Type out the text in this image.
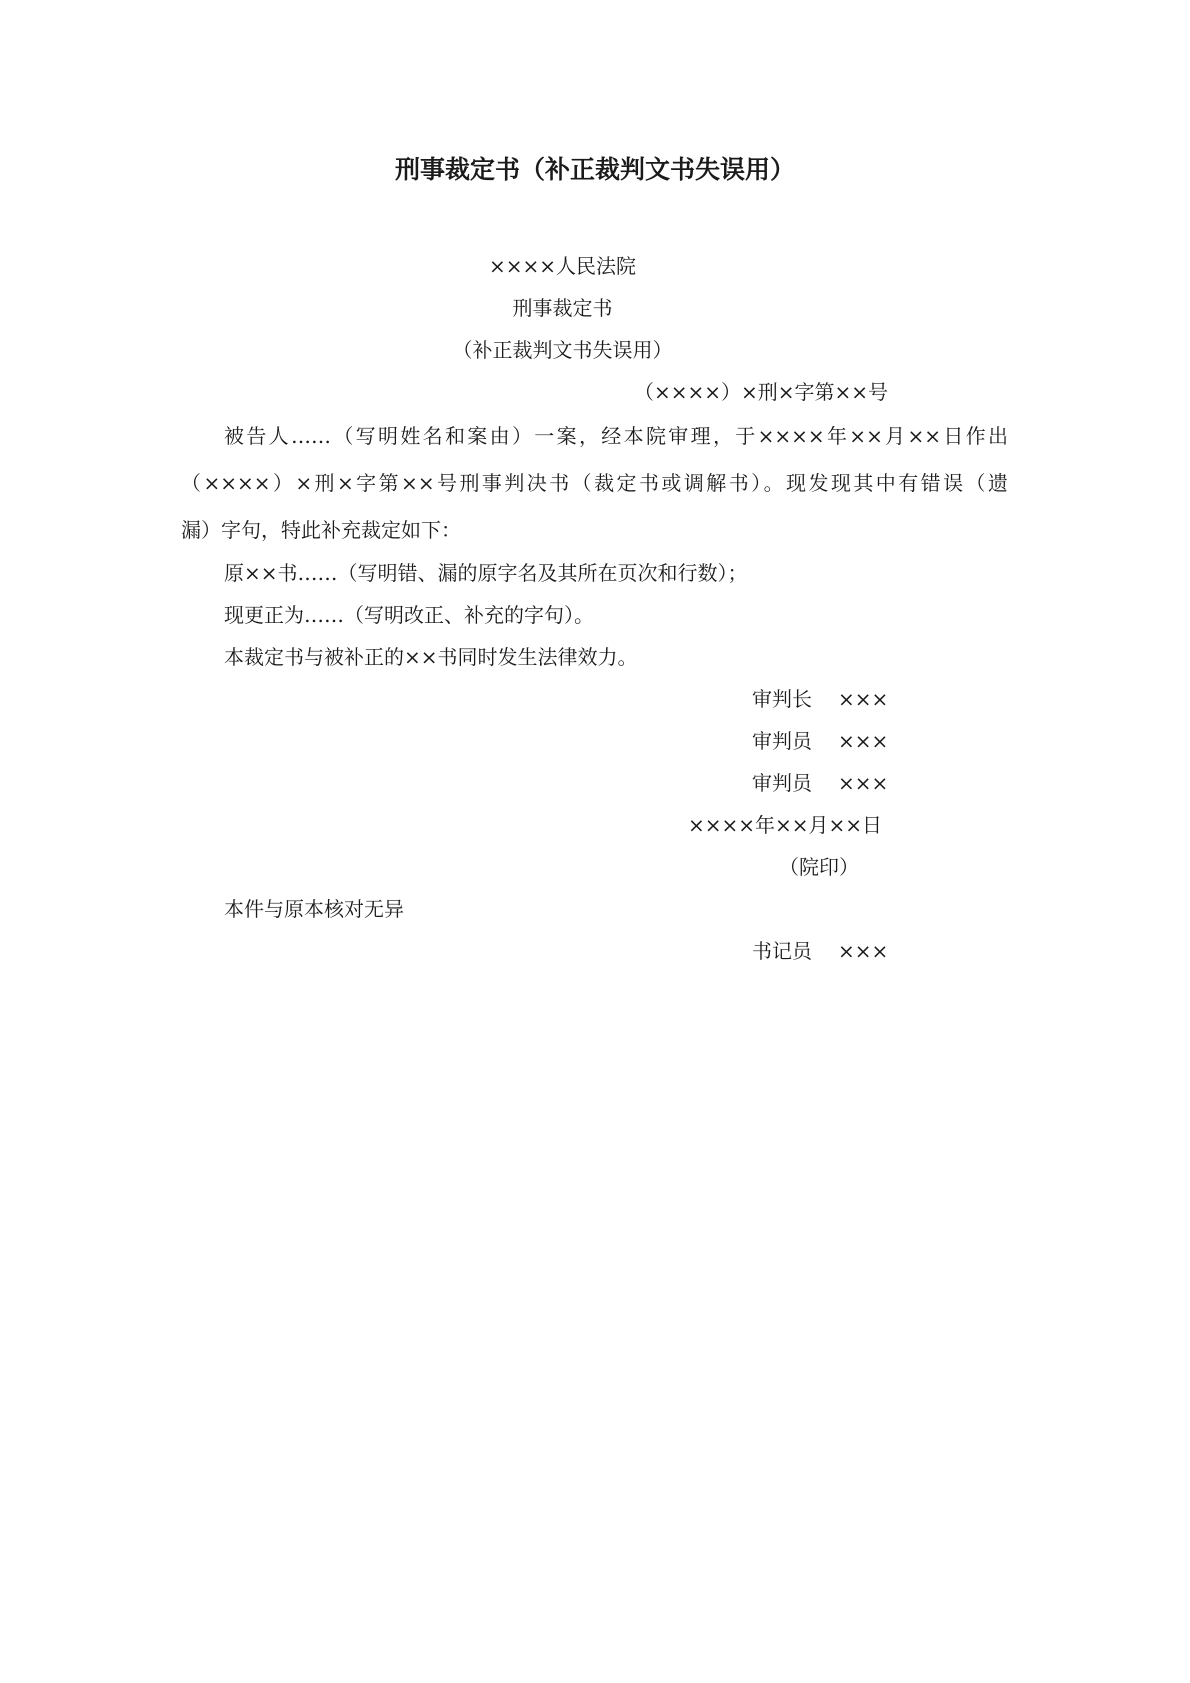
刑事裁定书（补正裁判文书失误用）
××××人民法院
刑事裁定书
（补正裁判文书失误用）
（××××）×刑×字第××号
被告人……（写明姓名和案由）一案，经本院审理，于××××年××月××日作出
（××××）×刑×字第××号刑事判决书（裁定书或调解书）。现发现其中有错误（遗
漏）字句，特此补充裁定如下：
原××书……（写明错、漏的原字名及其所在页次和行数）；
现更正为……（写明改正、补充的字句）。
本裁定书与被补正的××书同时发生法律效力。
审判长 ×××
审判员 ×××
审判员 ×××
××××年××月××日
（院印）
本件与原本核对无异
书记员 ×××
